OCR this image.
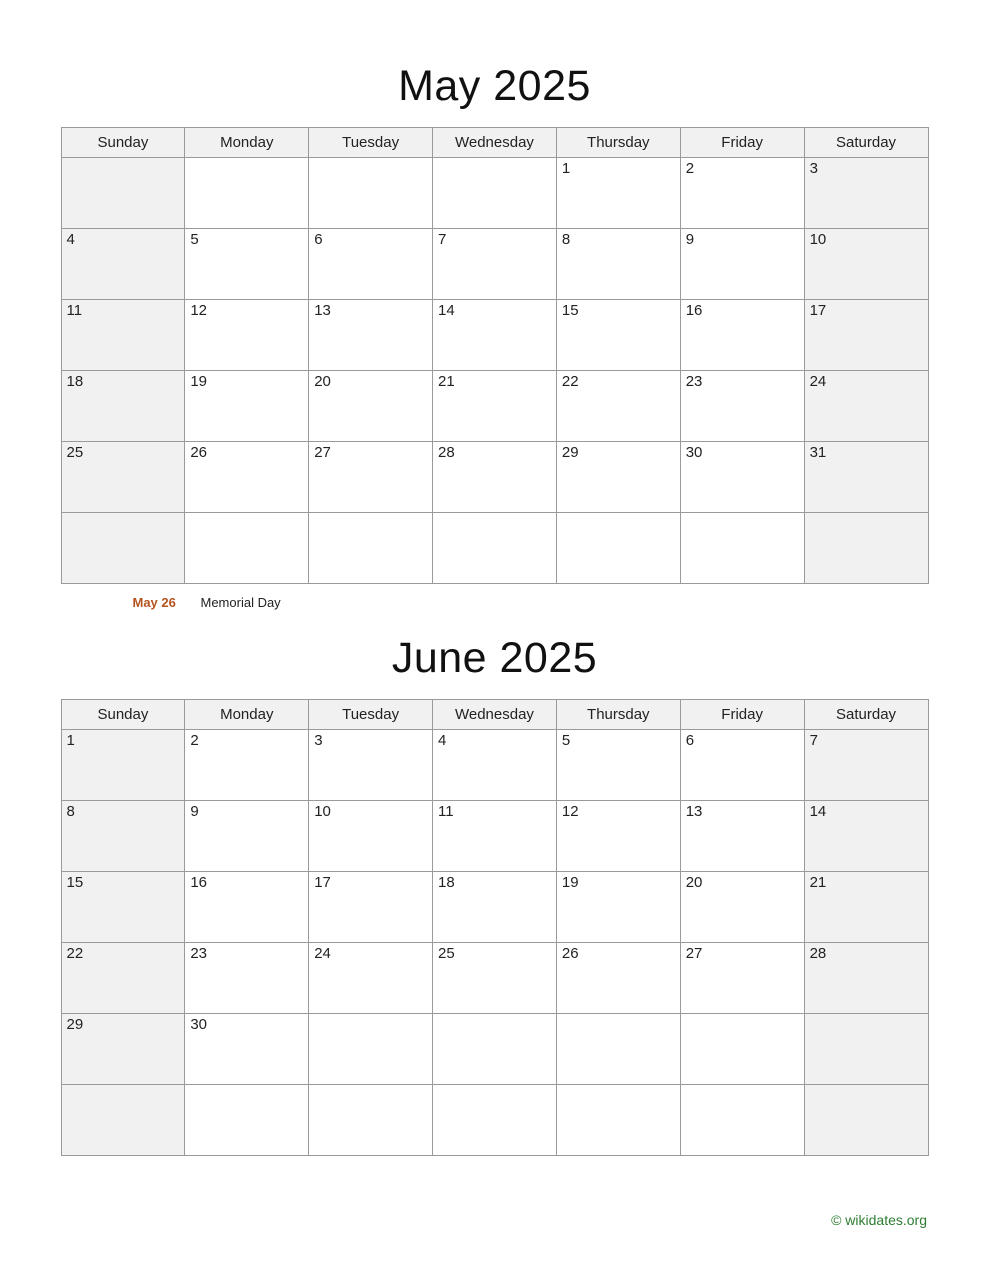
May 2025
Sunday	Monday	Tuesday	Wednesday	Thursday	Friday	Saturday

				1	2	3

4	5	6	7	8	9	10

11	12	13	14	15	16	17

18	19	20	21	22	23	24

25	26	27	28	29	30	31

May 26	Memorial Day
June 2025
Sunday	Monday	Tuesday	Wednesday	Thursday	Friday	Saturday

1	2	3	4	5	6	7

8	9	10	11	12	13	14

15	16	17	18	19	20	21

22	23	24	25	26	27	28

29	30					

© wikidates.org
